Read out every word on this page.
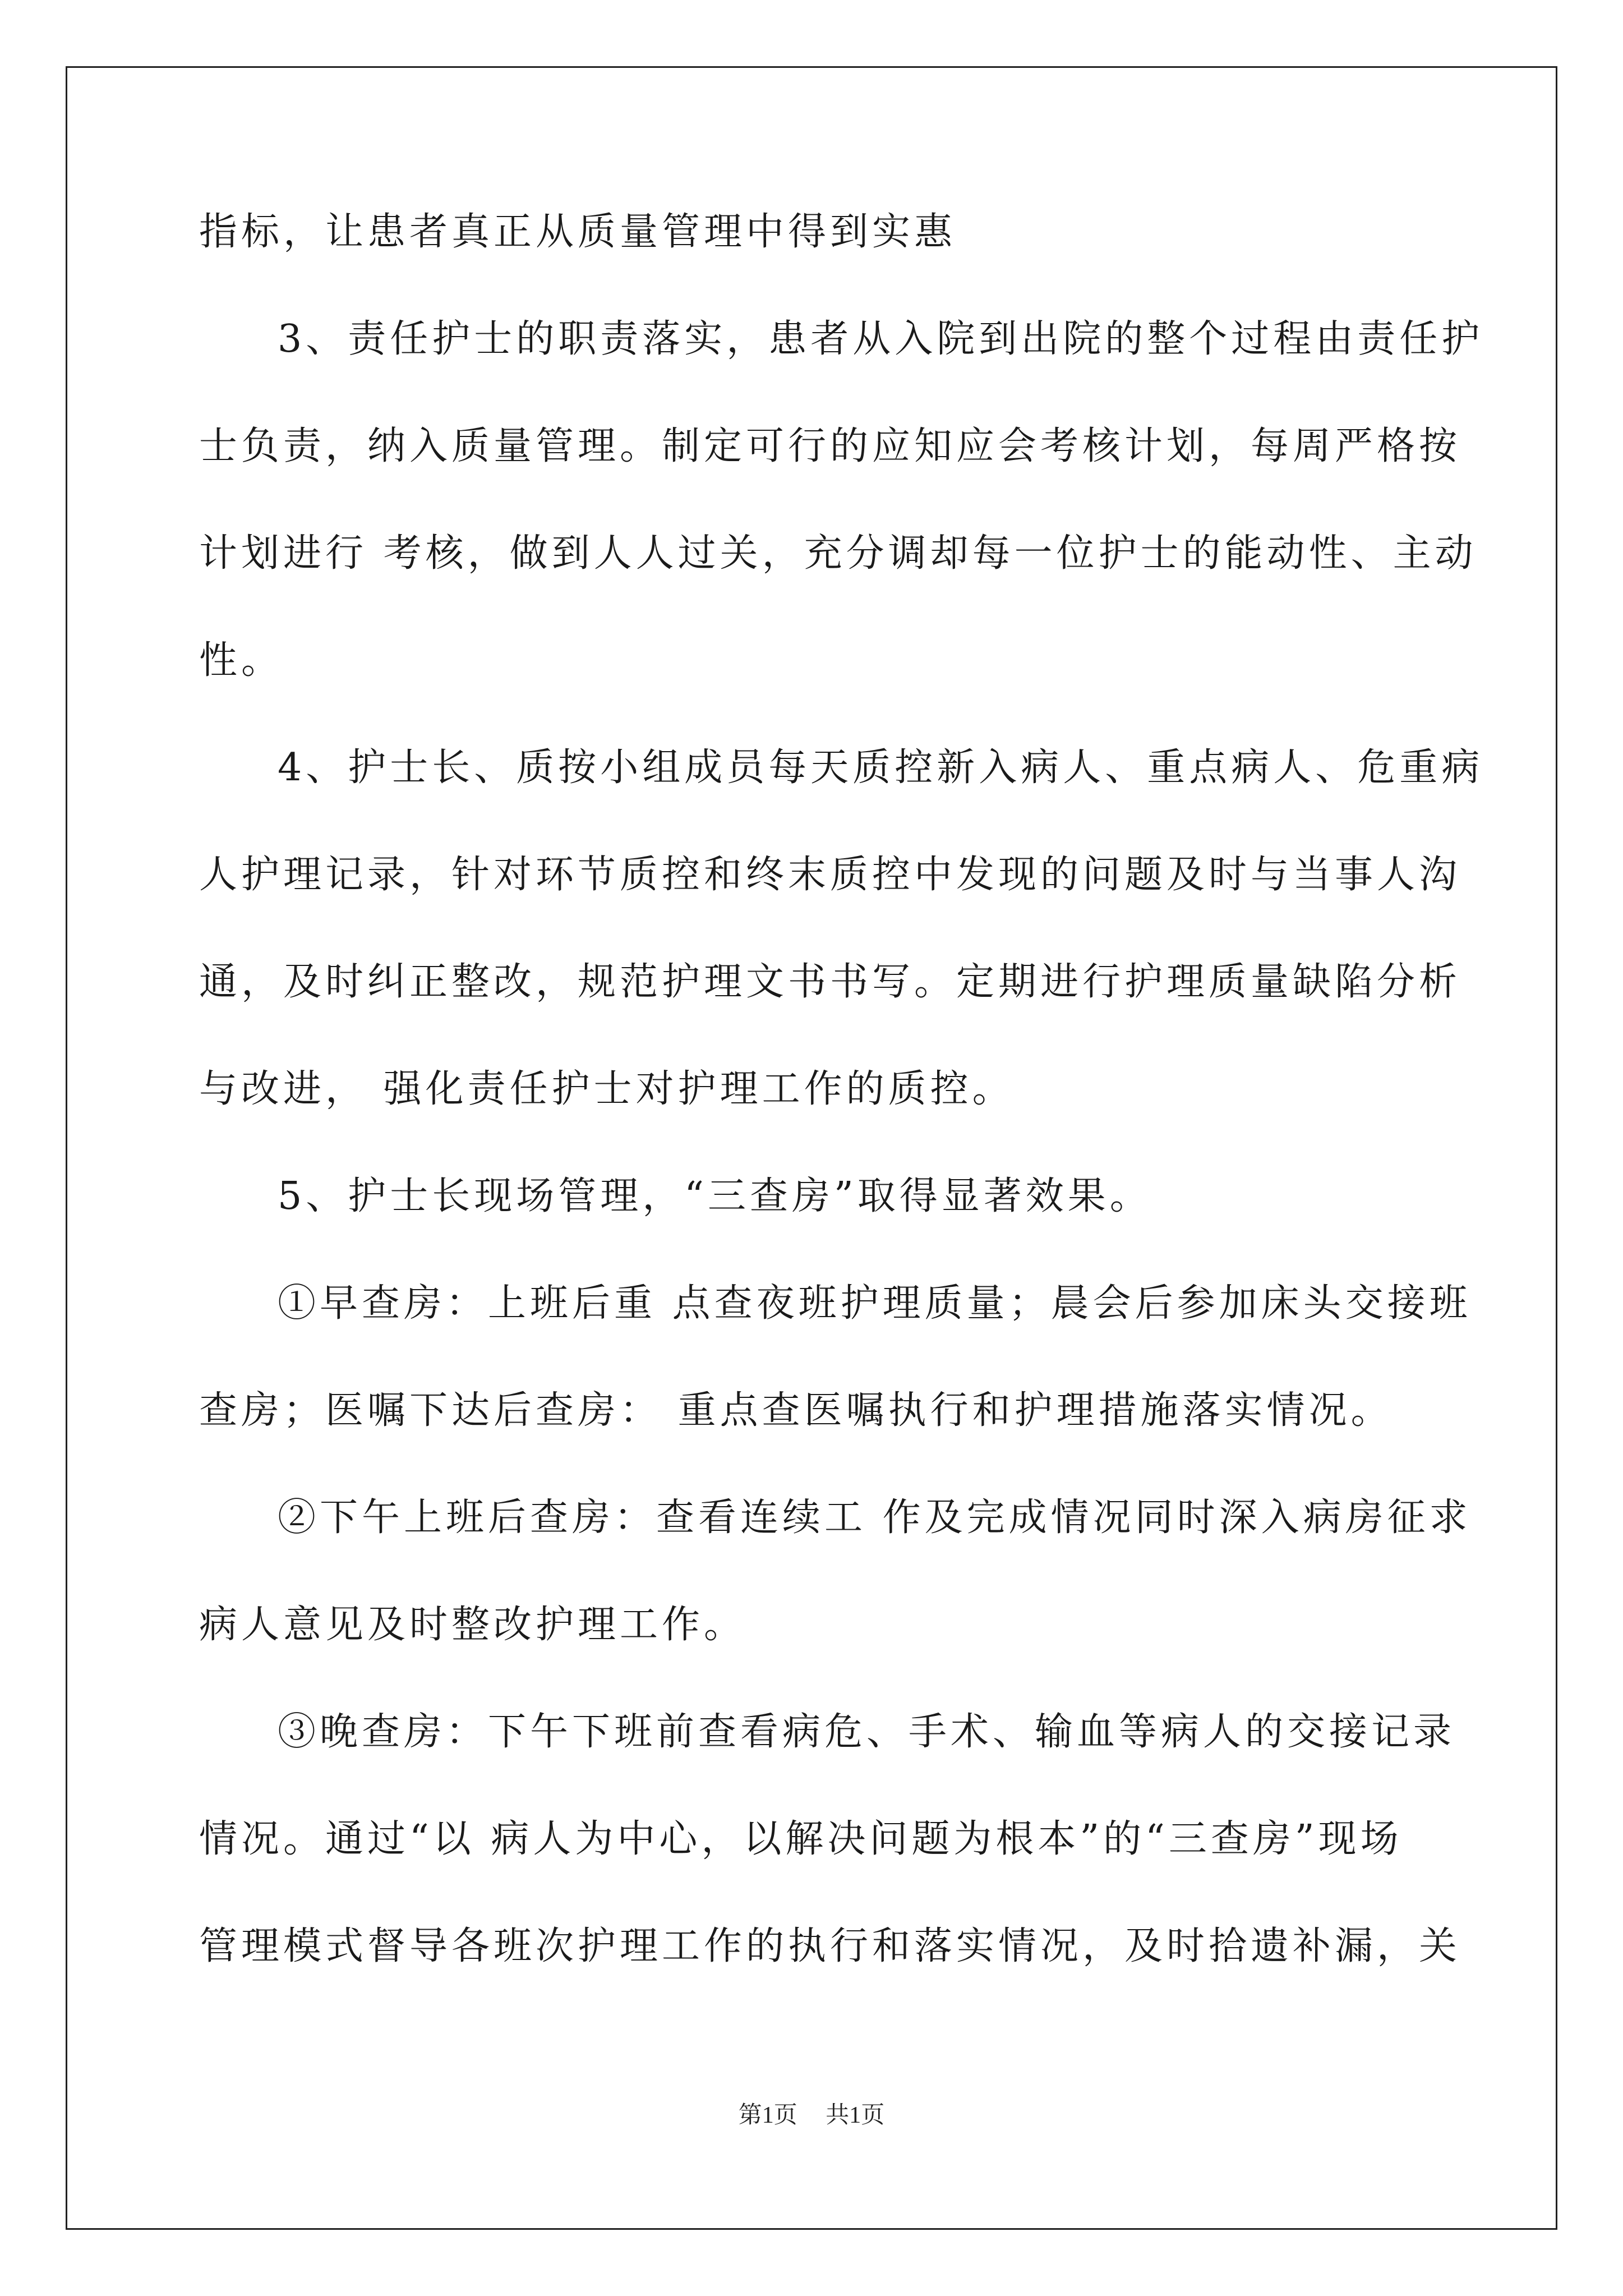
指标，让患者真正从质量管理中得到实惠
3、责任护士的职责落实，患者从入院到出院的整个过程由责任护
士负责，纳入质量管理。制定可行的应知应会考核计划，每周严格按
计划进行 考核，做到人人过关，充分调却每一位护士的能动性、主动
性。
4、护士长、质按小组成员每天质控新入病人、重点病人、危重病
人护理记录，针对环节质控和终末质控中发现的问题及时与当事人沟
通，及时纠正整改，规范护理文书书写。定期进行护理质量缺陷分析
与改进， 强化责任护士对护理工作的质控。
5、护士长现场管理，“三查房”取得显著效果。
①早查房：上班后重 点查夜班护理质量；晨会后参加床头交接班
查房；医嘱下达后查房： 重点查医嘱执行和护理措施落实情况。
②下午上班后查房：查看连续工 作及完成情况同时深入病房征求
病人意见及时整改护理工作。
③晚查房：下午下班前查看病危、手术、输血等病人的交接记录
情况。通过“以 病人为中心，以解决问题为根本”的“三查房”现场
管理模式督导各班次护理工作的执行和落实情况，及时拾遗补漏，关
第1页 共1页
